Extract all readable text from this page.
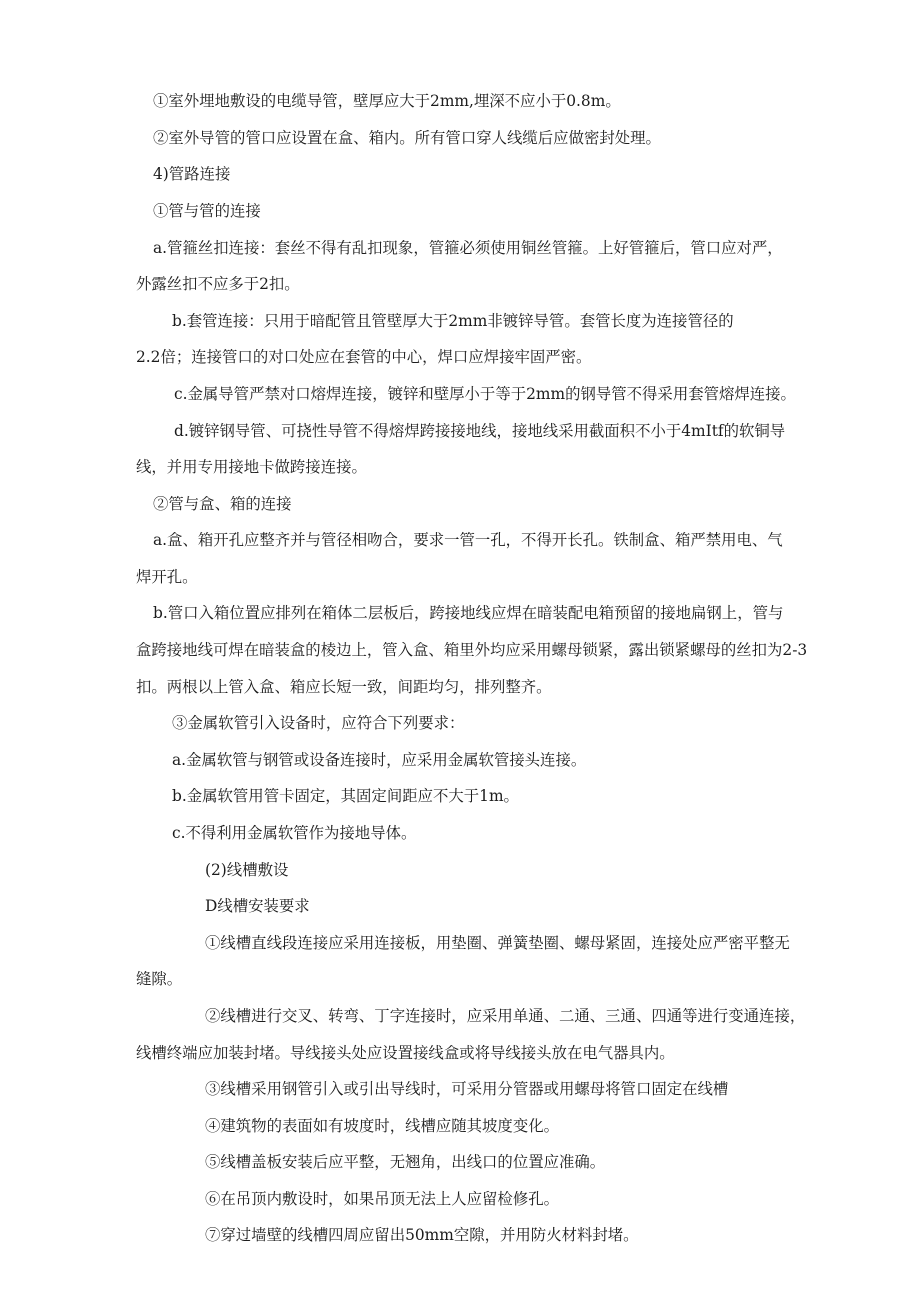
①室外埋地敷设的电缆导管，壁厚应大于2mm,埋深不应小于0.8m。

②室外导管的管口应设置在盒、箱内。所有管口穿人线缆后应做密封处理。

4)管路连接

①管与管的连接

a.管箍丝扣连接：套丝不得有乱扣现象，管箍必须使用铜丝管箍。上好管箍后，管口应对严，

外露丝扣不应多于2扣。

b.套管连接：只用于暗配管且管壁厚大于2mm非镀锌导管。套管长度为连接管径的

2.2倍；连接管口的对口处应在套管的中心，焊口应焊接牢固严密。

c.金属导管严禁对口熔焊连接，镀锌和壁厚小于等于2mm的钢导管不得采用套管熔焊连接。

d.镀锌钢导管、可挠性导管不得熔焊跨接接地线，接地线采用截面积不小于4mItf的软铜导

线，并用专用接地卡做跨接连接。

②管与盒、箱的连接

a.盒、箱开孔应整齐并与管径相吻合，要求一管一孔，不得开长孔。铁制盒、箱严禁用电、气

焊开孔。

b.管口入箱位置应排列在箱体二层板后，跨接地线应焊在暗装配电箱预留的接地扁钢上，管与

盒跨接地线可焊在暗装盒的棱边上，管入盒、箱里外均应采用螺母锁紧，露出锁紧螺母的丝扣为2-3

扣。两根以上管入盒、箱应长短一致，间距均匀，排列整齐。

③金属软管引入设备时，应符合下列要求：

a.金属软管与钢管或设备连接时，应采用金属软管接头连接。

b.金属软管用管卡固定，其固定间距应不大于1m。

c.不得利用金属软管作为接地导体。

(2)线槽敷设

D线槽安装要求

①线槽直线段连接应采用连接板，用垫圈、弹簧垫圈、螺母紧固，连接处应严密平整无

缝隙。

②线槽进行交叉、转弯、丁字连接时，应采用单通、二通、三通、四通等进行变通连接，

线槽终端应加装封堵。导线接头处应设置接线盒或将导线接头放在电气器具内。

③线槽采用钢管引入或引出导线时，可采用分管器或用螺母将管口固定在线槽

④建筑物的表面如有坡度时，线槽应随其坡度变化。

⑤线槽盖板安装后应平整，无翘角，出线口的位置应准确。

⑥在吊顶内敷设时，如果吊顶无法上人应留检修孔。

⑦穿过墙壁的线槽四周应留出50mm空隙，并用防火材料封堵。
